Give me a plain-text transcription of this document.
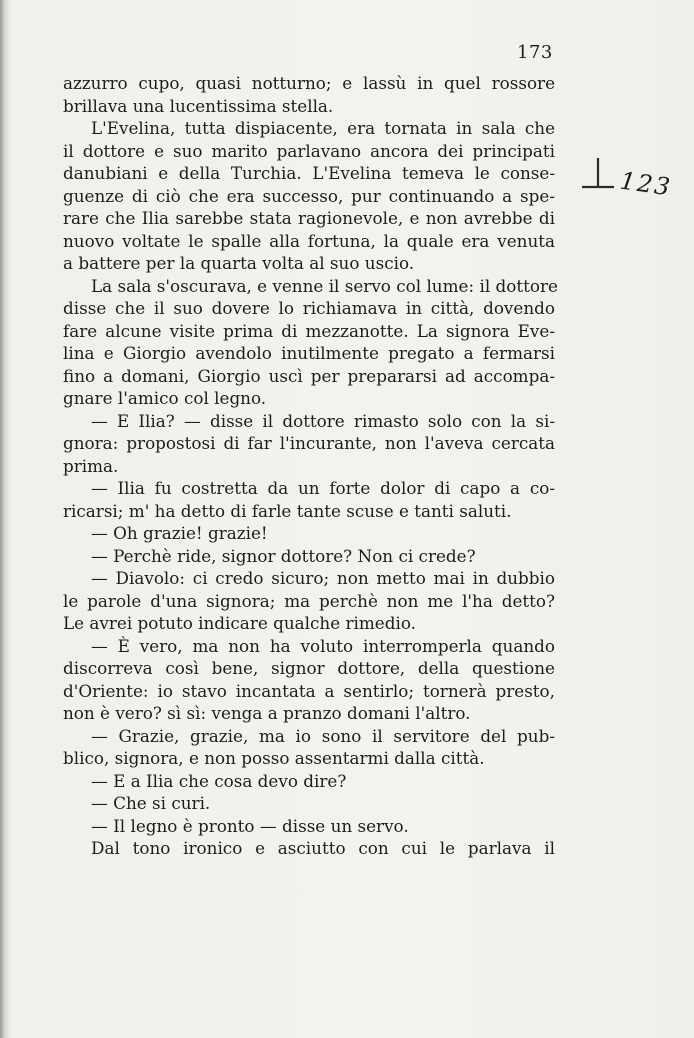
173
azzurro cupo, quasi notturno; e lassù in quel rossore
brillava una lucentissima stella.
L'Evelina, tutta dispiacente, era tornata in sala che
il dottore e suo marito parlavano ancora dei principati
danubiani e della Turchia. L'Evelina temeva le conse-
guenze di ciò che era successo, pur continuando a spe-
rare che Ilia sarebbe stata ragionevole, e non avrebbe di
nuovo voltate le spalle alla fortuna, la quale era venuta
a battere per la quarta volta al suo uscio.
La sala s'oscurava, e venne il servo col lume: il dottore
disse che il suo dovere lo richiamava in città, dovendo
fare alcune visite prima di mezzanotte. La signora Eve-
lina e Giorgio avendolo inutilmente pregato a fermarsi
fino a domani, Giorgio uscì per prepararsi ad accompa-
gnare l'amico col legno.
— E Ilia? — disse il dottore rimasto solo con la si-
gnora: propostosi di far l'incurante, non l'aveva cercata
prima.
— Ilia fu costretta da un forte dolor di capo a co-
ricarsi; m' ha detto di farle tante scuse e tanti saluti.
— Oh grazie! grazie!
— Perchè ride, signor dottore? Non ci crede?
— Diavolo: ci credo sicuro; non metto mai in dubbio
le parole d'una signora; ma perchè non me l'ha detto?
Le avrei potuto indicare qualche rimedio.
— È vero, ma non ha voluto interromperla quando
discorreva così bene, signor dottore, della questione
d'Oriente: io stavo incantata a sentirlo; tornerà presto,
non è vero? sì sì: venga a pranzo domani l'altro.
— Grazie, grazie, ma io sono il servitore del pub-
blico, signora, e non posso assentarmi dalla città.
— E a Ilia che cosa devo dire?
— Che si curi.
— Il legno è pronto — disse un servo.
Dal tono ironico e asciutto con cui le parlava il
123
